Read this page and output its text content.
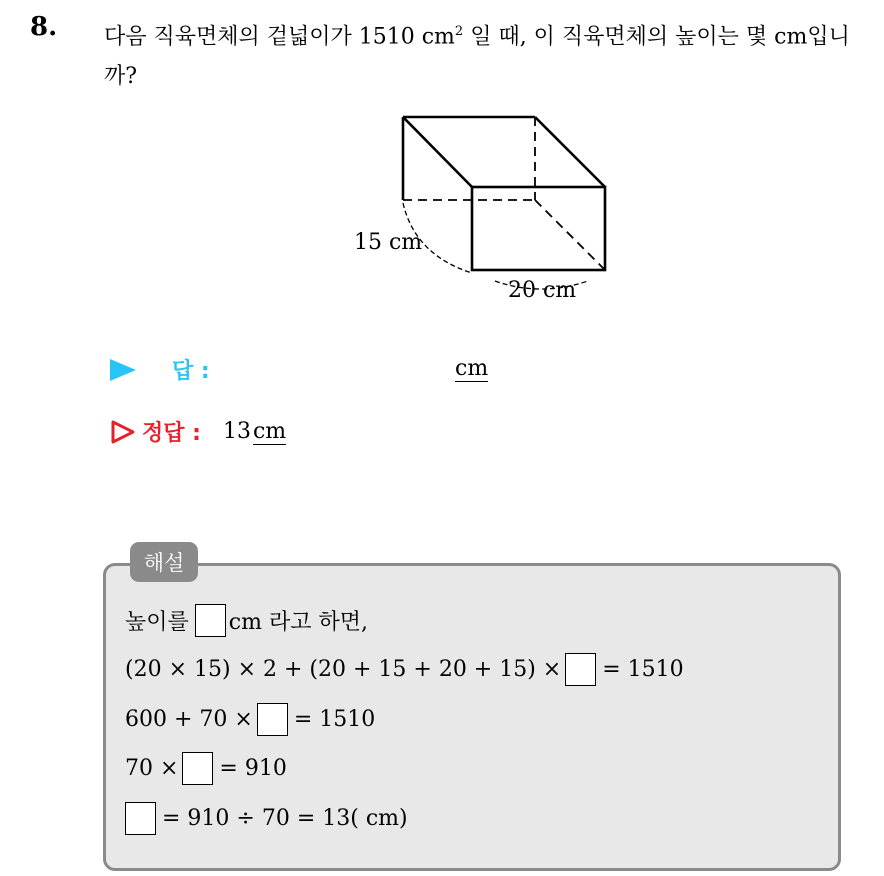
8. 다음 직육면체의 겉넓이가 1510 $cm^2$ 일 때, 이 직육면체의 높이는 몇 cm입니까?
15 cm
20 cm
답 :	cm
정답 : 13cm
해설
높이를 cm 라고 하면,
(20 × 15) × 2 + (20 + 15 + 20 + 15) × = 1510
600 + 70 × = 1510
70 × = 910
= 910 ÷ 70 = 13( cm)
